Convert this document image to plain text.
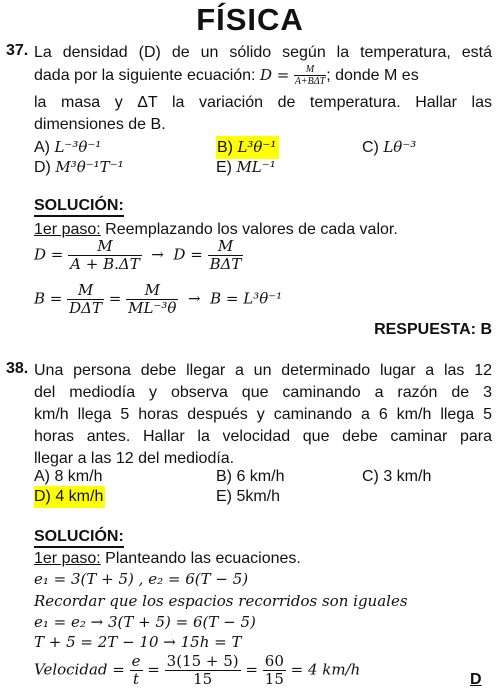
FÍSICA
37. La densidad (D) de un sólido según la temperatura, está
dada por la siguiente ecuación: D =	M
A+BΔT ; donde M es
la masa y ΔT la variación de temperatura. Hallar las
dimensiones de B.
A) L⁻³θ⁻¹	B) L³θ⁻¹	C) Lθ⁻³
D) M³θ⁻¹T⁻¹	E) ML⁻¹
SOLUCIÓN:
1er paso: Reemplazando los valores de cada valor.
$D = \frac{M}{A + B.\Delta T} \to D = \frac{M}{\text{BΔT}}$
$B = \frac{M}{\text{DΔT}} = \frac{M}{\text{ML⁻³θ}} \to B = L^3\theta^{-1}$
RESPUESTA: B
38. Una persona debe llegar a un determinado lugar a las 12
del mediodía y observa que caminando a razón de 3
km/h llega 5 horas después y caminando a 6 km/h llega 5
horas antes. Hallar la velocidad que debe caminar para
llegar a las 12 del mediodía.
A) 8 km/h	B) 6 km/h	C) 3 km/h
D) 4 km/h	E) 5km/h
SOLUCIÓN:
1er paso: Planteando las ecuaciones.
e₁ = 3(T + 5) , e₂ = 6(T − 5)
Recordar que los espacios recorridos son iguales
e₁ = e₂ → 3(T + 5) = 6(T − 5)
T + 5 = 2T − 10 → 15h = T
Velocidad = $\frac{e}{t} = \frac{3(15 + 5)}{15} = \frac{60}{15} = 4$ km/h
D
